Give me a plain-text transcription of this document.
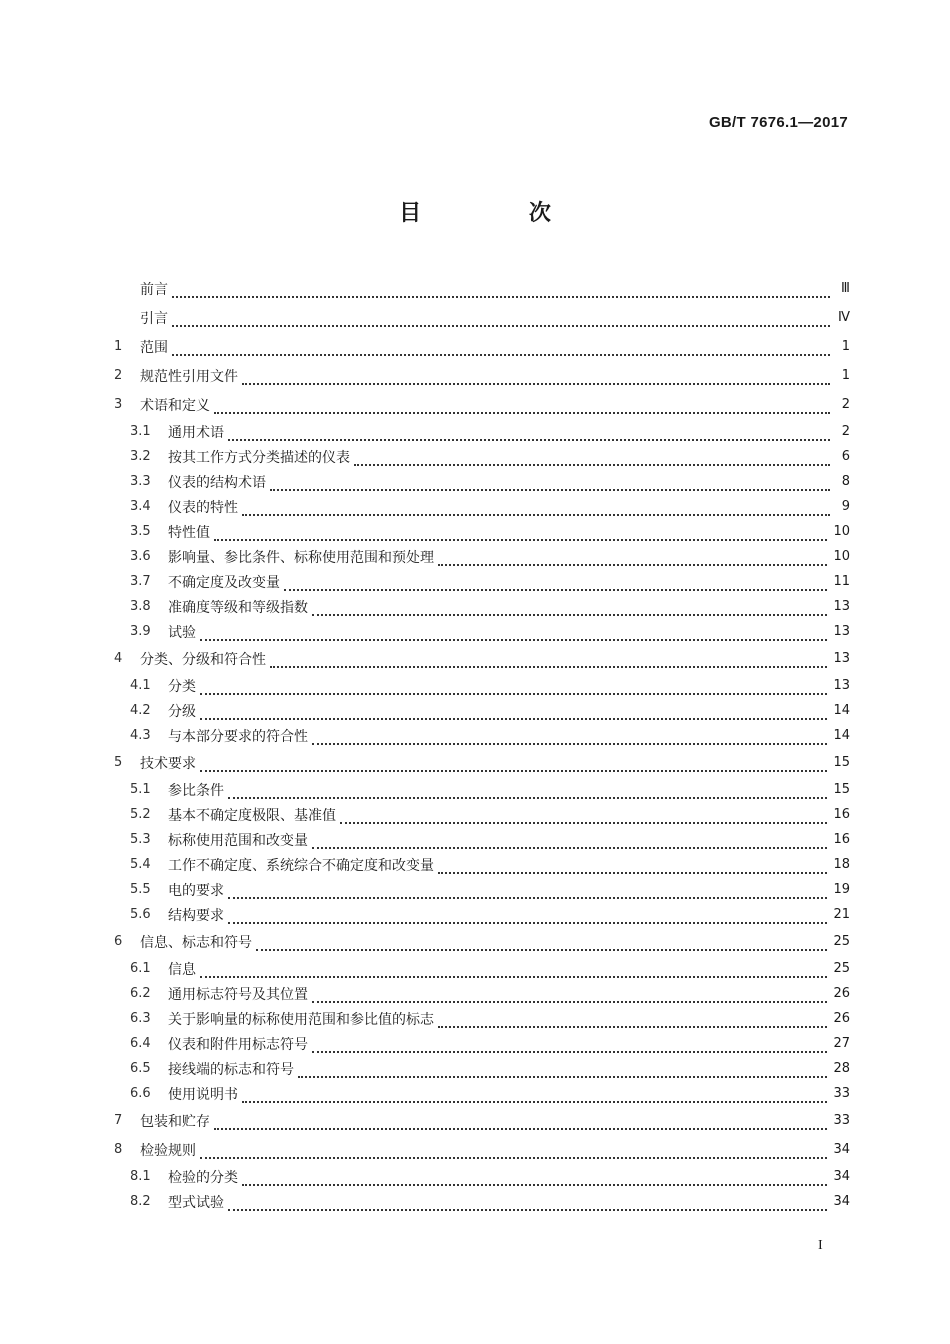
GB/T 7676.1—2017
目 次
前言	Ⅲ
引言	Ⅳ
1	范围	1
2	规范性引用文件	1
3	术语和定义	2
3.1	通用术语	2
3.2	按其工作方式分类描述的仪表	6
3.3	仪表的结构术语	8
3.4	仪表的特性	9
3.5	特性值	10
3.6	影响量、参比条件、标称使用范围和预处理	10
3.7	不确定度及改变量	11
3.8	准确度等级和等级指数	13
3.9	试验	13
4	分类、分级和符合性	13
4.1	分类	13
4.2	分级	14
4.3	与本部分要求的符合性	14
5	技术要求	15
5.1	参比条件	15
5.2	基本不确定度极限、基准值	16
5.3	标称使用范围和改变量	16
5.4	工作不确定度、系统综合不确定度和改变量	18
5.5	电的要求	19
5.6	结构要求	21
6	信息、标志和符号	25
6.1	信息	25
6.2	通用标志符号及其位置	26
6.3	关于影响量的标称使用范围和参比值的标志	26
6.4	仪表和附件用标志符号	27
6.5	接线端的标志和符号	28
6.6	使用说明书	33
7	包装和贮存	33
8	检验规则	34
8.1	检验的分类	34
8.2	型式试验	34
I
